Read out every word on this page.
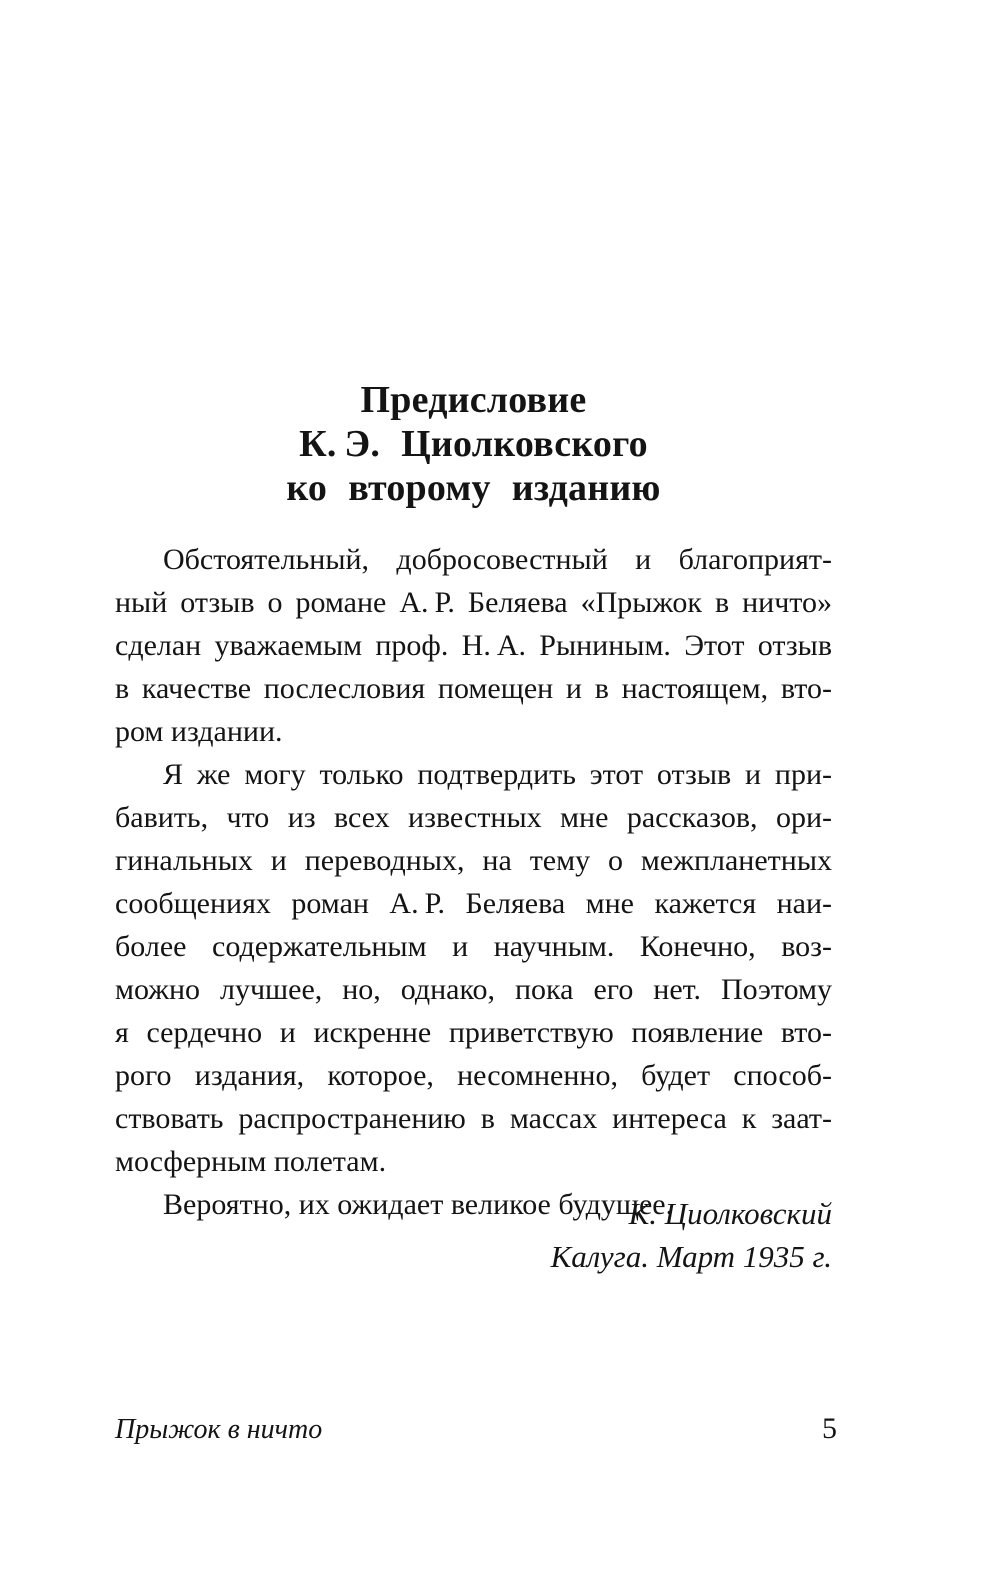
Предисловие
К. Э. Циолковского
ко второму изданию
Обстоятельный, добросовестный и благоприят-
ный отзыв о романе А. Р. Беляева «Прыжок в ничто»
сделан уважаемым проф. Н. А. Рыниным. Этот отзыв
в качестве послесловия помещен и в настоящем, вто-
ром издании.
Я же могу только подтвердить этот отзыв и при-
бавить, что из всех известных мне рассказов, ори-
гинальных и переводных, на тему о межпланетных
сообщениях роман А. Р. Беляева мне кажется наи-
более содержательным и научным. Конечно, воз-
можно лучшее, но, однако, пока его нет. Поэтому
я сердечно и искренне приветствую появление вто-
рого издания, которое, несомненно, будет способ-
ствовать распространению в массах интереса к заат-
мосферным полетам.
Вероятно, их ожидает великое будущее.
К. Циолковский
Калуга. Март 1935 г.
Прыжок в ничто	5
